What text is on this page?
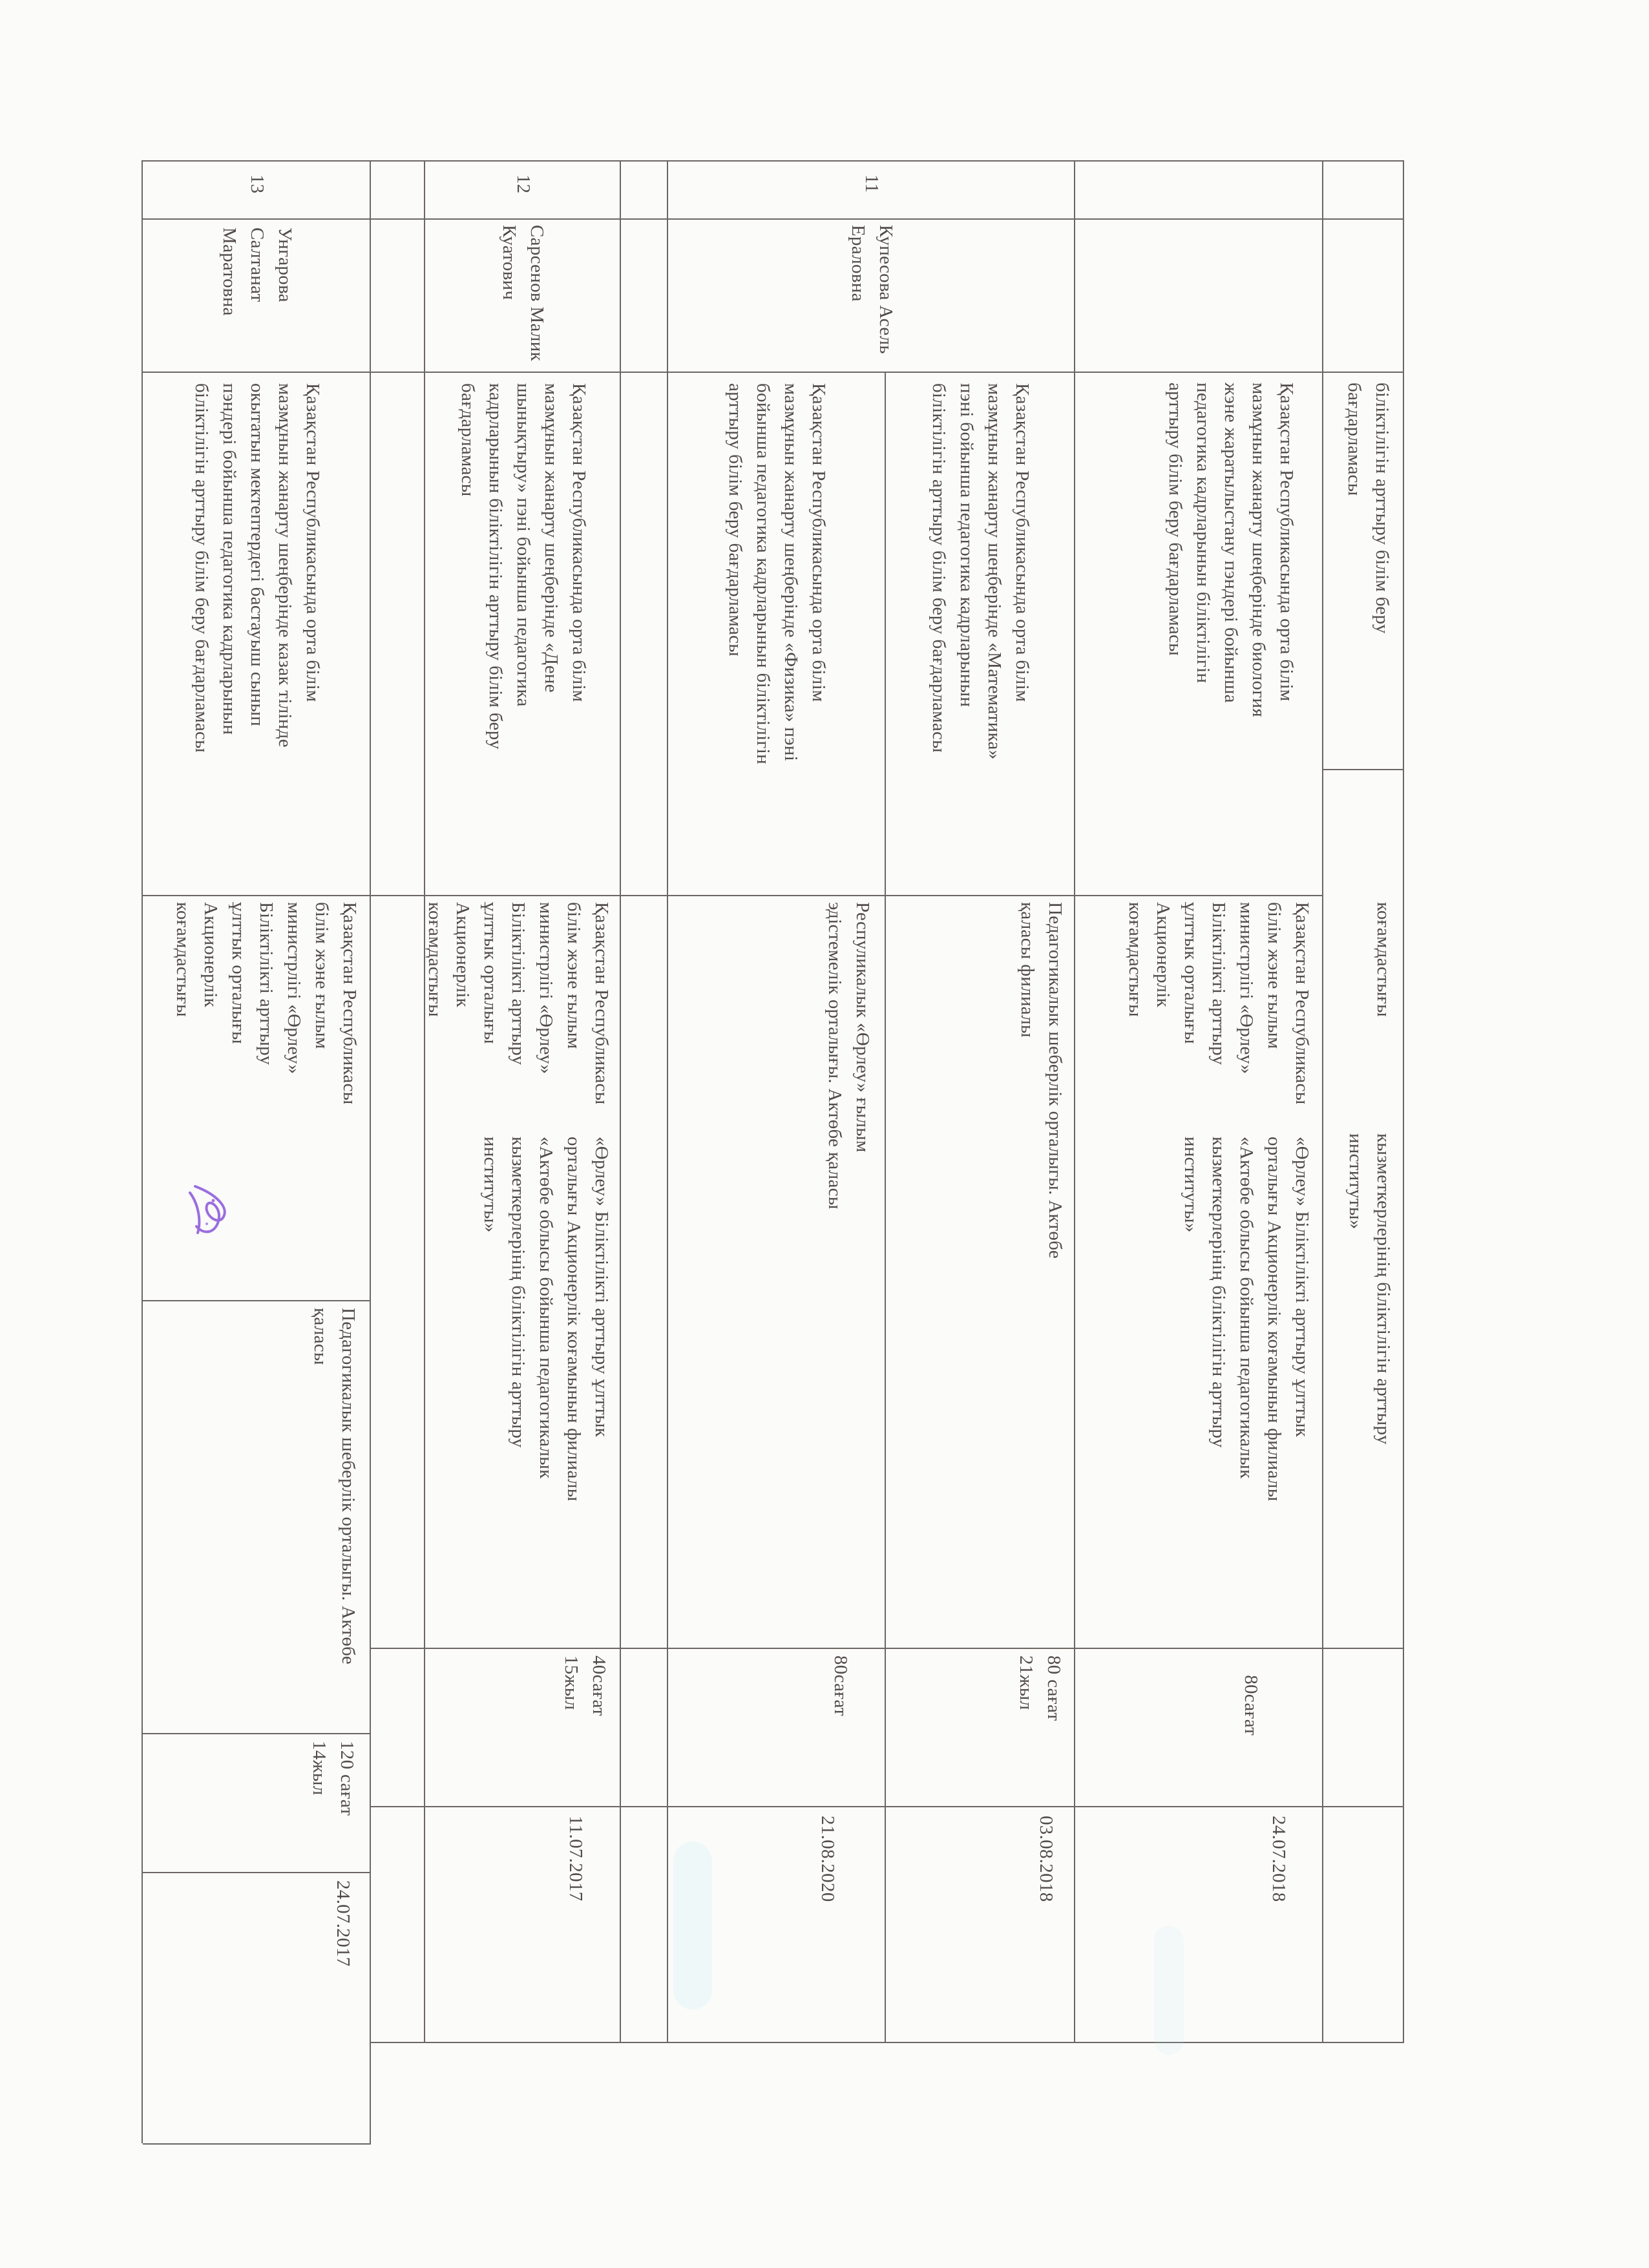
біліктілігін арттыру білім беру бағдарламасы
коғамдастығы
кызметкерлерінің біліктілігін арттыру институты»
Қазақстан Республикасында орта білім мазмұнын жанарту шеңберінде биология жэне жаратылыстану пэндері бойынша педагогика кадрларынын біліктілігін арттыру білім беру бағдарламасы
Қазақстан Республикасы білім жэне ғылым министрлігі «Өрлеу» Біліктілікті арттыру ұлттык орталығы Акционерлік коғамдастығы
«Өрлеу» Біліктілікті арттыру ұлттык орталығы Акционерлік коғамынын филиалы «Актөбе облысы бойынша педагогикалык кызметкерлерінің біліктілігін арттыру институты»

80сағат

24.07.2018
11
Купесова Асель Ераловна
Қазақстан Республикасында орта білім мазмұнын жанарту шеңберінде «Математика» пэні бойынша педагогика кадрларынын біліктілігін арттыру білім беру бағдарламасы
Педагогикалык шеберлік орталыгы. Актөбе қаласы филиалы
80 сағат
21жыл
03.08.2018
Қазақстан Республикасында орта білім мазмұнын жанарту шеңберінде «Физика» пэні бойынша педагогика кадрларынын біліктілігін арттыру білім беру бағдарламасы
Респуликалык «Өрлеу» ғылым эдістемелік орталығы. Актөбе қаласы
80сағат
21.08.2020
12
Сарсенов Малик Куатович
Қазақстан Республикасында орта білім мазмұнын жанарту шеңберінде «Дене шынықтыру» пэні бойынша педагогика кадрларынын біліктілігін арттыру білім беру бағдарламасы
Қазақстан Республикасы білім жэне ғылым министрлігі «Өрлеу» Біліктілікті арттыру ұлттык орталығы Акционерлік коғамдастығы
«Өрлеу» Біліктілікті арттыру ұлттык орталығы Акционерлік коғамынын филиалы «Актөбе облысы бойынша педагогикалык кызметкерлерінің біліктілігін арттыру институты»
40сағат
15жыл
11.07.2017
13
Унгарова Салтанат Маратовна
Қазақстан Республикасында орта білім мазмұнын жанарту шеңберінде казак тілінде окытатын мектептердегі бастауыш сынып пэндері бойынша педагогика кадрларынын біліктілігін арттыру білім беру бағдарламасы
Қазақстан Республикасы білім жэне ғылым министрлігі «Өрлеу» Біліктілікті арттыру ұлттык орталығы Акционерлік коғамдастығы
Педагогикалык шеберлік орталыгы. Актөбе қаласы
120 сағат
14жыл
24.07.2017
